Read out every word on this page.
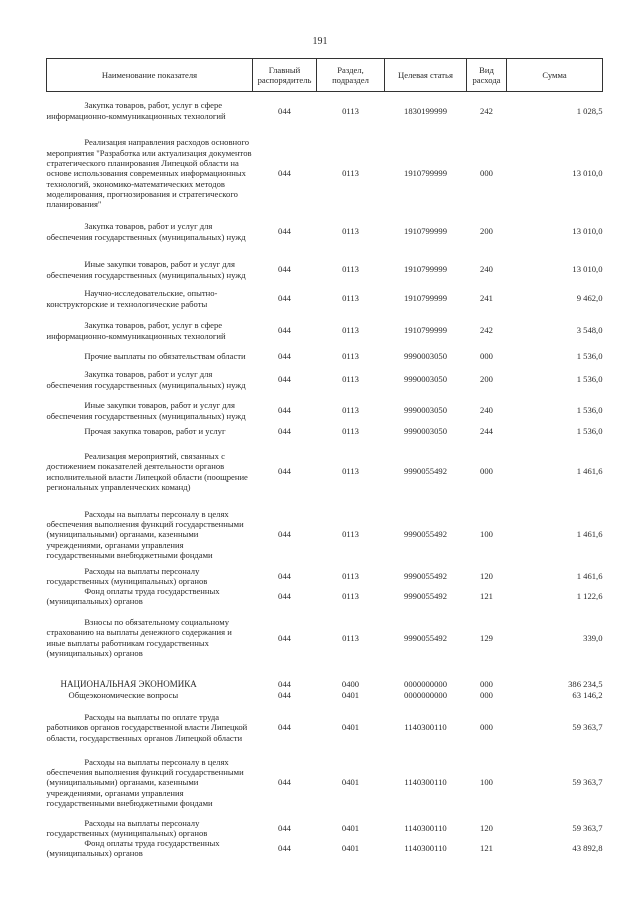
191
Наименование показателя	Главный распорядитель	Раздел, подраздел	Целевая статья	Вид расхода	Сумма
Закупка товаров, работ, услуг в сфере информационно-коммуникационных технологий	044	0113	1830199999	242	1 028,5
Реализация направления расходов основного мероприятия "Разработка или актуализация документов стратегического планирования Липецкой области на основе использования современных информационных технологий, экономико-математических методов моделирования, прогнозирования и стратегического планирования"	044	0113	1910799999	000	13 010,0
Закупка товаров, работ и услуг для обеспечения государственных (муниципальных) нужд	044	0113	1910799999	200	13 010,0
Иные закупки товаров, работ и услуг для обеспечения государственных (муниципальных) нужд	044	0113	1910799999	240	13 010,0
Научно-исследовательские, опытно-конструкторские и технологические работы	044	0113	1910799999	241	9 462,0
Закупка товаров, работ, услуг в сфере информационно-коммуникационных технологий	044	0113	1910799999	242	3 548,0
Прочие выплаты по обязательствам области	044	0113	9990003050	000	1 536,0
Закупка товаров, работ и услуг для обеспечения государственных (муниципальных) нужд	044	0113	9990003050	200	1 536,0
Иные закупки товаров, работ и услуг для обеспечения государственных (муниципальных) нужд	044	0113	9990003050	240	1 536,0
Прочая закупка товаров, работ и услуг	044	0113	9990003050	244	1 536,0
Реализация мероприятий, связанных с достижением показателей деятельности органов исполнительной власти Липецкой области (поощрение региональных управленческих команд)	044	0113	9990055492	000	1 461,6
Расходы на выплаты персоналу в целях обеспечения выполнения функций государственными (муниципальными) органами, казенными учреждениями, органами управления государственными внебюджетными фондами	044	0113	9990055492	100	1 461,6
Расходы на выплаты персоналу государственных (муниципальных) органов	044	0113	9990055492	120	1 461,6
Фонд оплаты труда государственных (муниципальных) органов	044	0113	9990055492	121	1 122,6
Взносы по обязательному социальному страхованию на выплаты денежного содержания и иные выплаты работникам государственных (муниципальных) органов	044	0113	9990055492	129	339,0
НАЦИОНАЛЬНАЯ ЭКОНОМИКА	044	0400	0000000000	000	386 234,5
Общеэкономические вопросы	044	0401	0000000000	000	63 146,2
Расходы на выплаты по оплате труда работников органов государственной власти Липецкой области, государственных органов Липецкой области	044	0401	1140300110	000	59 363,7
Расходы на выплаты персоналу в целях обеспечения выполнения функций государственными (муниципальными) органами, казенными учреждениями, органами управления государственными внебюджетными фондами	044	0401	1140300110	100	59 363,7
Расходы на выплаты персоналу государственных (муниципальных) органов	044	0401	1140300110	120	59 363,7
Фонд оплаты труда государственных (муниципальных) органов	044	0401	1140300110	121	43 892,8
